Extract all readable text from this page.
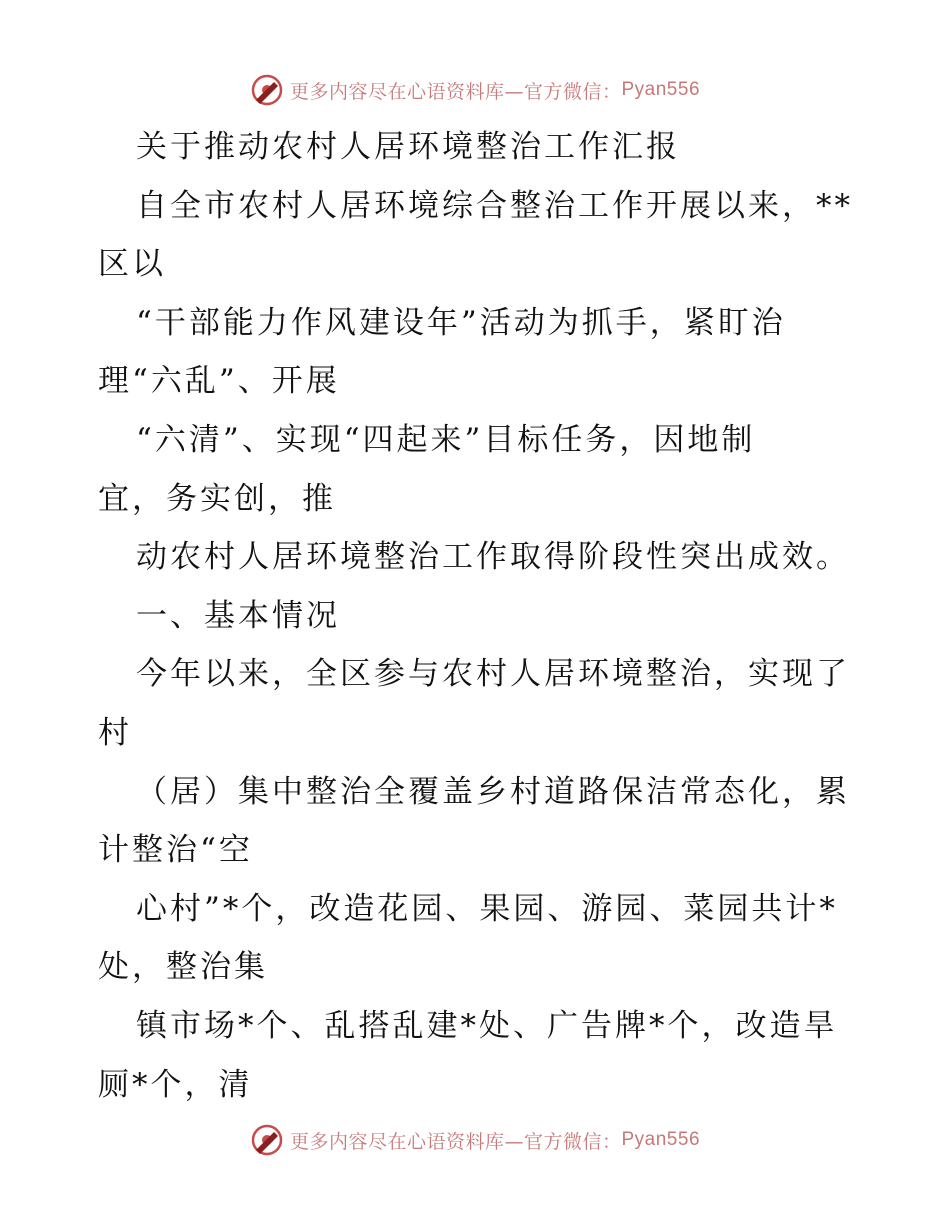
更多内容尽在心语资料库—官方微信： Pyan556
关于推动农村人居环境整治工作汇报
自全市农村人居环境综合整治工作开展以来，**
区以
“干部能力作风建设年”活动为抓手，紧盯治
理“六乱”、开展
“六清”、实现“四起来”目标任务，因地制
宜，务实创，推
动农村人居环境整治工作取得阶段性突出成效。
一、基本情况
今年以来，全区参与农村人居环境整治，实现了
村
（居）集中整治全覆盖乡村道路保洁常态化，累
计整治“空
心村”*个，改造花园、果园、游园、菜园共计*
处，整治集
镇市场*个、乱搭乱建*处、广告牌*个，改造旱
厕*个，清
更多内容尽在心语资料库—官方微信： Pyan556
